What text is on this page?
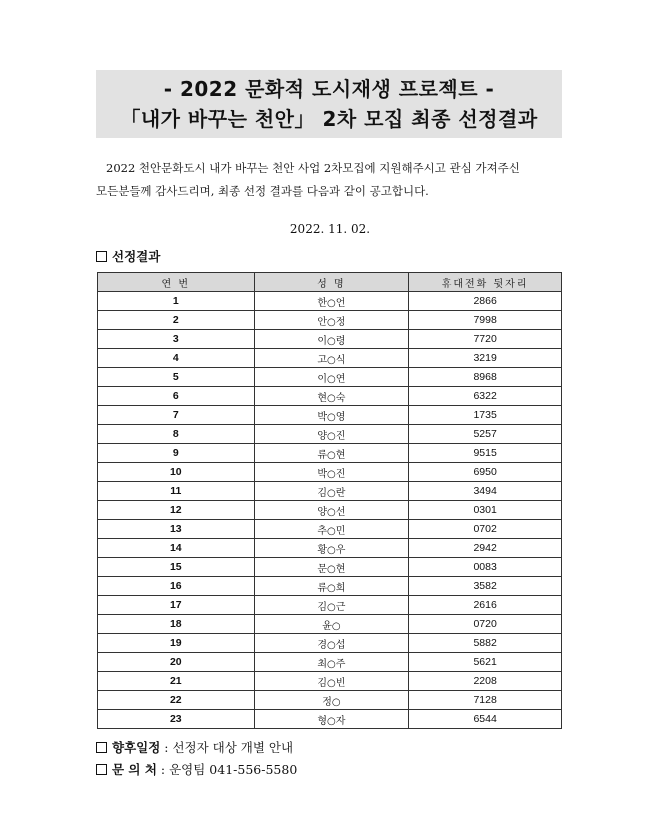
- 2022 문화적 도시재생 프로젝트 -
「내가 바꾸는 천안」 2차 모집 최종 선정결과

2022 천안문화도시 내가 바꾸는 천안 사업 2차모집에 지원해주시고 관심 가져주신

모든분들께 감사드리며, 최종 선정 결과를 다음과 같이 공고합니다.

2022. 11. 02.
선정결과
연 번	성 명	휴대전화 뒷자리
1	한○언	2866
2	안○정	7998
3	이○령	7720
4	고○식	3219
5	이○연	8968
6	현○숙	6322
7	박○영	1735
8	양○진	5257
9	류○현	9515
10	박○진	6950
11	김○란	3494
12	양○선	0301
13	추○민	0702
14	황○우	2942
15	문○현	0083
16	류○희	3582
17	김○근	2616
18	윤○	0720
19	경○섭	5882
20	최○주	5621
21	김○빈	2208
22	정○	7128
23	형○자	6544
향후일정 : 선정자 대상 개별 안내
문 의 처 : 운영팀 041-556-5580
